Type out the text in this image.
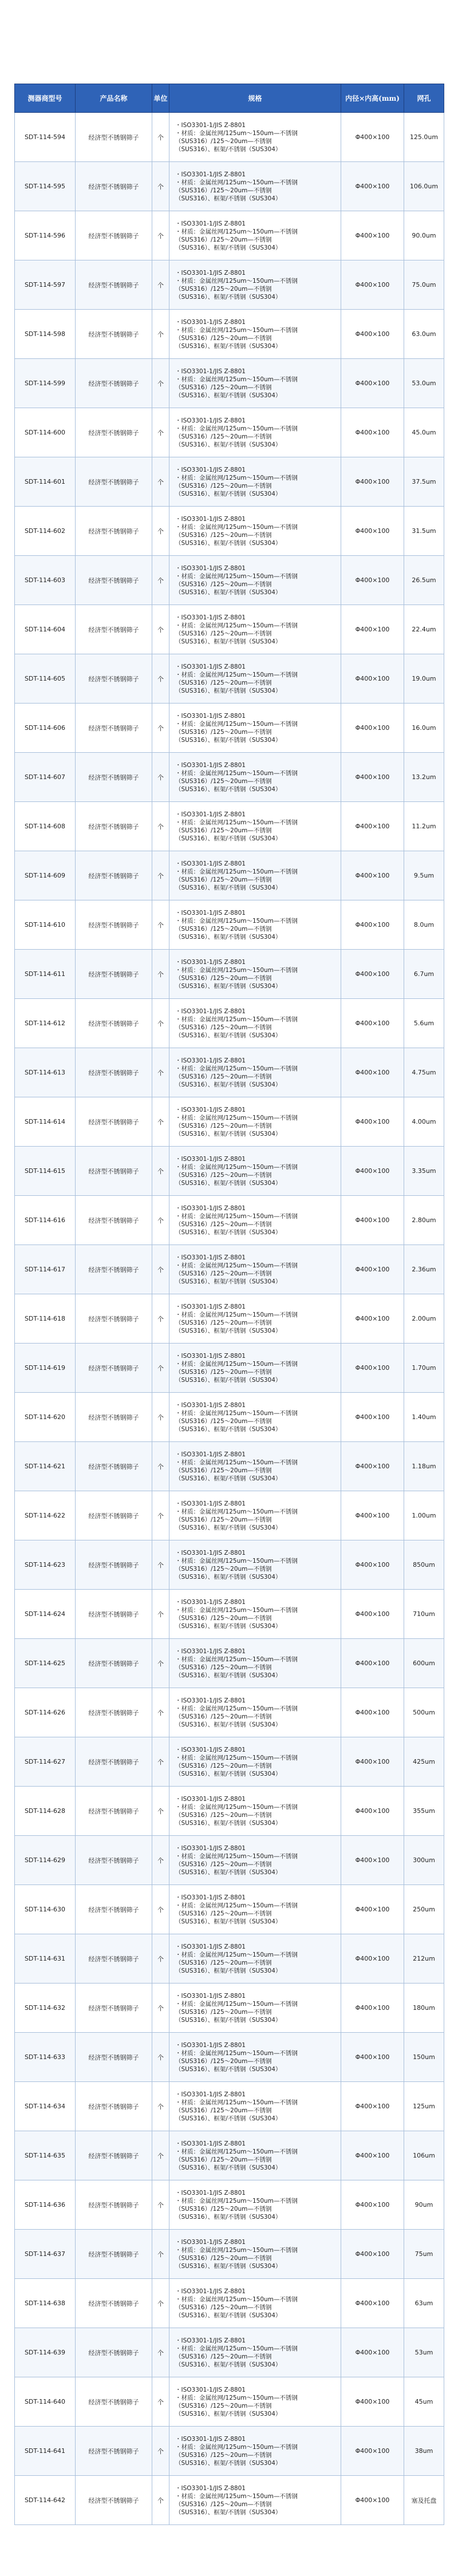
测器商型号	产品名称	单位	规格	内径×内高(mm)	网孔
SDT-114-594	经济型不锈钢筛子	个	・ISO3301-1/JIS Z-8801
・材质：金属丝网/125um～150um—不锈钢
（SUS316）/125～20um—不锈钢
（SUS316）、框架/不锈钢（SUS304）	Φ400×100	125.0um
SDT-114-595	经济型不锈钢筛子	个	・ISO3301-1/JIS Z-8801
・材质：金属丝网/125um～150um—不锈钢
（SUS316）/125～20um—不锈钢
（SUS316）、框架/不锈钢（SUS304）	Φ400×100	106.0um
SDT-114-596	经济型不锈钢筛子	个	・ISO3301-1/JIS Z-8801
・材质：金属丝网/125um～150um—不锈钢
（SUS316）/125～20um—不锈钢
（SUS316）、框架/不锈钢（SUS304）	Φ400×100	90.0um
SDT-114-597	经济型不锈钢筛子	个	・ISO3301-1/JIS Z-8801
・材质：金属丝网/125um～150um—不锈钢
（SUS316）/125～20um—不锈钢
（SUS316）、框架/不锈钢（SUS304）	Φ400×100	75.0um
SDT-114-598	经济型不锈钢筛子	个	・ISO3301-1/JIS Z-8801
・材质：金属丝网/125um～150um—不锈钢
（SUS316）/125～20um—不锈钢
（SUS316）、框架/不锈钢（SUS304）	Φ400×100	63.0um
SDT-114-599	经济型不锈钢筛子	个	・ISO3301-1/JIS Z-8801
・材质：金属丝网/125um～150um—不锈钢
（SUS316）/125～20um—不锈钢
（SUS316）、框架/不锈钢（SUS304）	Φ400×100	53.0um
SDT-114-600	经济型不锈钢筛子	个	・ISO3301-1/JIS Z-8801
・材质：金属丝网/125um～150um—不锈钢
（SUS316）/125～20um—不锈钢
（SUS316）、框架/不锈钢（SUS304）	Φ400×100	45.0um
SDT-114-601	经济型不锈钢筛子	个	・ISO3301-1/JIS Z-8801
・材质：金属丝网/125um～150um—不锈钢
（SUS316）/125～20um—不锈钢
（SUS316）、框架/不锈钢（SUS304）	Φ400×100	37.5um
SDT-114-602	经济型不锈钢筛子	个	・ISO3301-1/JIS Z-8801
・材质：金属丝网/125um～150um—不锈钢
（SUS316）/125～20um—不锈钢
（SUS316）、框架/不锈钢（SUS304）	Φ400×100	31.5um
SDT-114-603	经济型不锈钢筛子	个	・ISO3301-1/JIS Z-8801
・材质：金属丝网/125um～150um—不锈钢
（SUS316）/125～20um—不锈钢
（SUS316）、框架/不锈钢（SUS304）	Φ400×100	26.5um
SDT-114-604	经济型不锈钢筛子	个	・ISO3301-1/JIS Z-8801
・材质：金属丝网/125um～150um—不锈钢
（SUS316）/125～20um—不锈钢
（SUS316）、框架/不锈钢（SUS304）	Φ400×100	22.4um
SDT-114-605	经济型不锈钢筛子	个	・ISO3301-1/JIS Z-8801
・材质：金属丝网/125um～150um—不锈钢
（SUS316）/125～20um—不锈钢
（SUS316）、框架/不锈钢（SUS304）	Φ400×100	19.0um
SDT-114-606	经济型不锈钢筛子	个	・ISO3301-1/JIS Z-8801
・材质：金属丝网/125um～150um—不锈钢
（SUS316）/125～20um—不锈钢
（SUS316）、框架/不锈钢（SUS304）	Φ400×100	16.0um
SDT-114-607	经济型不锈钢筛子	个	・ISO3301-1/JIS Z-8801
・材质：金属丝网/125um～150um—不锈钢
（SUS316）/125～20um—不锈钢
（SUS316）、框架/不锈钢（SUS304）	Φ400×100	13.2um
SDT-114-608	经济型不锈钢筛子	个	・ISO3301-1/JIS Z-8801
・材质：金属丝网/125um～150um—不锈钢
（SUS316）/125～20um—不锈钢
（SUS316）、框架/不锈钢（SUS304）	Φ400×100	11.2um
SDT-114-609	经济型不锈钢筛子	个	・ISO3301-1/JIS Z-8801
・材质：金属丝网/125um～150um—不锈钢
（SUS316）/125～20um—不锈钢
（SUS316）、框架/不锈钢（SUS304）	Φ400×100	9.5um
SDT-114-610	经济型不锈钢筛子	个	・ISO3301-1/JIS Z-8801
・材质：金属丝网/125um～150um—不锈钢
（SUS316）/125～20um—不锈钢
（SUS316）、框架/不锈钢（SUS304）	Φ400×100	8.0um
SDT-114-611	经济型不锈钢筛子	个	・ISO3301-1/JIS Z-8801
・材质：金属丝网/125um～150um—不锈钢
（SUS316）/125～20um—不锈钢
（SUS316）、框架/不锈钢（SUS304）	Φ400×100	6.7um
SDT-114-612	经济型不锈钢筛子	个	・ISO3301-1/JIS Z-8801
・材质：金属丝网/125um～150um—不锈钢
（SUS316）/125～20um—不锈钢
（SUS316）、框架/不锈钢（SUS304）	Φ400×100	5.6um
SDT-114-613	经济型不锈钢筛子	个	・ISO3301-1/JIS Z-8801
・材质：金属丝网/125um～150um—不锈钢
（SUS316）/125～20um—不锈钢
（SUS316）、框架/不锈钢（SUS304）	Φ400×100	4.75um
SDT-114-614	经济型不锈钢筛子	个	・ISO3301-1/JIS Z-8801
・材质：金属丝网/125um～150um—不锈钢
（SUS316）/125～20um—不锈钢
（SUS316）、框架/不锈钢（SUS304）	Φ400×100	4.00um
SDT-114-615	经济型不锈钢筛子	个	・ISO3301-1/JIS Z-8801
・材质：金属丝网/125um～150um—不锈钢
（SUS316）/125～20um—不锈钢
（SUS316）、框架/不锈钢（SUS304）	Φ400×100	3.35um
SDT-114-616	经济型不锈钢筛子	个	・ISO3301-1/JIS Z-8801
・材质：金属丝网/125um～150um—不锈钢
（SUS316）/125～20um—不锈钢
（SUS316）、框架/不锈钢（SUS304）	Φ400×100	2.80um
SDT-114-617	经济型不锈钢筛子	个	・ISO3301-1/JIS Z-8801
・材质：金属丝网/125um～150um—不锈钢
（SUS316）/125～20um—不锈钢
（SUS316）、框架/不锈钢（SUS304）	Φ400×100	2.36um
SDT-114-618	经济型不锈钢筛子	个	・ISO3301-1/JIS Z-8801
・材质：金属丝网/125um～150um—不锈钢
（SUS316）/125～20um—不锈钢
（SUS316）、框架/不锈钢（SUS304）	Φ400×100	2.00um
SDT-114-619	经济型不锈钢筛子	个	・ISO3301-1/JIS Z-8801
・材质：金属丝网/125um～150um—不锈钢
（SUS316）/125～20um—不锈钢
（SUS316）、框架/不锈钢（SUS304）	Φ400×100	1.70um
SDT-114-620	经济型不锈钢筛子	个	・ISO3301-1/JIS Z-8801
・材质：金属丝网/125um～150um—不锈钢
（SUS316）/125～20um—不锈钢
（SUS316）、框架/不锈钢（SUS304）	Φ400×100	1.40um
SDT-114-621	经济型不锈钢筛子	个	・ISO3301-1/JIS Z-8801
・材质：金属丝网/125um～150um—不锈钢
（SUS316）/125～20um—不锈钢
（SUS316）、框架/不锈钢（SUS304）	Φ400×100	1.18um
SDT-114-622	经济型不锈钢筛子	个	・ISO3301-1/JIS Z-8801
・材质：金属丝网/125um～150um—不锈钢
（SUS316）/125～20um—不锈钢
（SUS316）、框架/不锈钢（SUS304）	Φ400×100	1.00um
SDT-114-623	经济型不锈钢筛子	个	・ISO3301-1/JIS Z-8801
・材质：金属丝网/125um～150um—不锈钢
（SUS316）/125～20um—不锈钢
（SUS316）、框架/不锈钢（SUS304）	Φ400×100	850um
SDT-114-624	经济型不锈钢筛子	个	・ISO3301-1/JIS Z-8801
・材质：金属丝网/125um～150um—不锈钢
（SUS316）/125～20um—不锈钢
（SUS316）、框架/不锈钢（SUS304）	Φ400×100	710um
SDT-114-625	经济型不锈钢筛子	个	・ISO3301-1/JIS Z-8801
・材质：金属丝网/125um～150um—不锈钢
（SUS316）/125～20um—不锈钢
（SUS316）、框架/不锈钢（SUS304）	Φ400×100	600um
SDT-114-626	经济型不锈钢筛子	个	・ISO3301-1/JIS Z-8801
・材质：金属丝网/125um～150um—不锈钢
（SUS316）/125～20um—不锈钢
（SUS316）、框架/不锈钢（SUS304）	Φ400×100	500um
SDT-114-627	经济型不锈钢筛子	个	・ISO3301-1/JIS Z-8801
・材质：金属丝网/125um～150um—不锈钢
（SUS316）/125～20um—不锈钢
（SUS316）、框架/不锈钢（SUS304）	Φ400×100	425um
SDT-114-628	经济型不锈钢筛子	个	・ISO3301-1/JIS Z-8801
・材质：金属丝网/125um～150um—不锈钢
（SUS316）/125～20um—不锈钢
（SUS316）、框架/不锈钢（SUS304）	Φ400×100	355um
SDT-114-629	经济型不锈钢筛子	个	・ISO3301-1/JIS Z-8801
・材质：金属丝网/125um～150um—不锈钢
（SUS316）/125～20um—不锈钢
（SUS316）、框架/不锈钢（SUS304）	Φ400×100	300um
SDT-114-630	经济型不锈钢筛子	个	・ISO3301-1/JIS Z-8801
・材质：金属丝网/125um～150um—不锈钢
（SUS316）/125～20um—不锈钢
（SUS316）、框架/不锈钢（SUS304）	Φ400×100	250um
SDT-114-631	经济型不锈钢筛子	个	・ISO3301-1/JIS Z-8801
・材质：金属丝网/125um～150um—不锈钢
（SUS316）/125～20um—不锈钢
（SUS316）、框架/不锈钢（SUS304）	Φ400×100	212um
SDT-114-632	经济型不锈钢筛子	个	・ISO3301-1/JIS Z-8801
・材质：金属丝网/125um～150um—不锈钢
（SUS316）/125～20um—不锈钢
（SUS316）、框架/不锈钢（SUS304）	Φ400×100	180um
SDT-114-633	经济型不锈钢筛子	个	・ISO3301-1/JIS Z-8801
・材质：金属丝网/125um～150um—不锈钢
（SUS316）/125～20um—不锈钢
（SUS316）、框架/不锈钢（SUS304）	Φ400×100	150um
SDT-114-634	经济型不锈钢筛子	个	・ISO3301-1/JIS Z-8801
・材质：金属丝网/125um～150um—不锈钢
（SUS316）/125～20um—不锈钢
（SUS316）、框架/不锈钢（SUS304）	Φ400×100	125um
SDT-114-635	经济型不锈钢筛子	个	・ISO3301-1/JIS Z-8801
・材质：金属丝网/125um～150um—不锈钢
（SUS316）/125～20um—不锈钢
（SUS316）、框架/不锈钢（SUS304）	Φ400×100	106um
SDT-114-636	经济型不锈钢筛子	个	・ISO3301-1/JIS Z-8801
・材质：金属丝网/125um～150um—不锈钢
（SUS316）/125～20um—不锈钢
（SUS316）、框架/不锈钢（SUS304）	Φ400×100	90um
SDT-114-637	经济型不锈钢筛子	个	・ISO3301-1/JIS Z-8801
・材质：金属丝网/125um～150um—不锈钢
（SUS316）/125～20um—不锈钢
（SUS316）、框架/不锈钢（SUS304）	Φ400×100	75um
SDT-114-638	经济型不锈钢筛子	个	・ISO3301-1/JIS Z-8801
・材质：金属丝网/125um～150um—不锈钢
（SUS316）/125～20um—不锈钢
（SUS316）、框架/不锈钢（SUS304）	Φ400×100	63um
SDT-114-639	经济型不锈钢筛子	个	・ISO3301-1/JIS Z-8801
・材质：金属丝网/125um～150um—不锈钢
（SUS316）/125～20um—不锈钢
（SUS316）、框架/不锈钢（SUS304）	Φ400×100	53um
SDT-114-640	经济型不锈钢筛子	个	・ISO3301-1/JIS Z-8801
・材质：金属丝网/125um～150um—不锈钢
（SUS316）/125～20um—不锈钢
（SUS316）、框架/不锈钢（SUS304）	Φ400×100	45um
SDT-114-641	经济型不锈钢筛子	个	・ISO3301-1/JIS Z-8801
・材质：金属丝网/125um～150um—不锈钢
（SUS316）/125～20um—不锈钢
（SUS316）、框架/不锈钢（SUS304）	Φ400×100	38um
SDT-114-642	经济型不锈钢筛子	个	・ISO3301-1/JIS Z-8801
・材质：金属丝网/125um～150um—不锈钢
（SUS316）/125～20um—不锈钢
（SUS316）、框架/不锈钢（SUS304）	Φ400×100	塞及托盘
